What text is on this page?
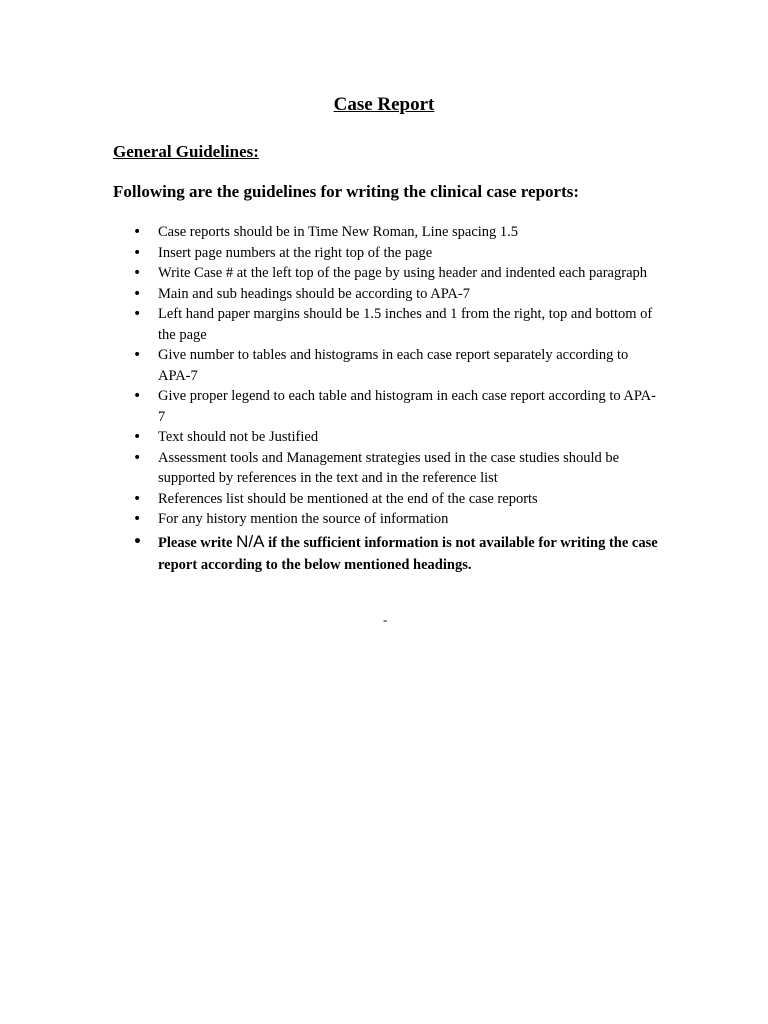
Case Report
General Guidelines:

Following are the guidelines for writing the clinical case reports:

• Case reports should be in Time New Roman, Line spacing 1.5
• Insert page numbers at the right top of the page
• Write Case # at the left top of the page by using header and indented each paragraph
• Main and sub headings should be according to APA-7
• Left hand paper margins should be 1.5 inches and 1 from the right, top and bottom of the page
• Give number to tables and histograms in each case report separately according to APA-7
• Give proper legend to each table and histogram in each case report according to APA-7
• Text should not be Justified
• Assessment tools and Management strategies used in the case studies should be supported by references in the text and in the reference list
• References list should be mentioned at the end of the case reports
• For any history mention the source of information
• Please write N/A if the sufficient information is not available for writing the case report according to the below mentioned headings.
-
